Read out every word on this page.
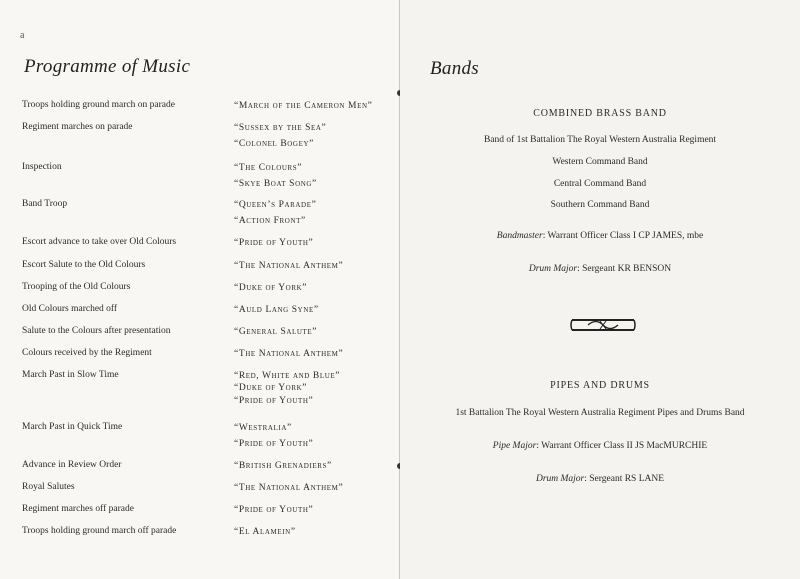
a
Programme of Music
Troops holding ground march on parade	“March of the Cameron Men”
Regiment marches on parade	“Sussex by the Sea”
“Colonel Bogey”
Inspection	“The Colours”
“Skye Boat Song”
Band Troop	“Queen’s Parade”
“Action Front”
Escort advance to take over Old Colours	“Pride of Youth”
Escort Salute to the Old Colours	“The National Anthem”
Trooping of the Old Colours	“Duke of York”
Old Colours marched off	“Auld Lang Syne”
Salute to the Colours after presentation	“General Salute”
Colours received by the Regiment	“The National Anthem”
March Past in Slow Time	“Red, White and Blue”
“Duke of York”
“Pride of Youth”
March Past in Quick Time	“Westralia”
“Pride of Youth”
Advance in Review Order	“British Grenadiers”
Royal Salutes	“The National Anthem”
Regiment marches off parade	“Pride of Youth”
Troops holding ground march off parade	“El Alamein”
Bands
COMBINED BRASS BAND
Band of 1st Battalion The Royal Western Australia Regiment
Western Command Band
Central Command Band
Southern Command Band
Bandmaster: Warrant Officer Class I CP JAMES, mbe
Drum Major: Sergeant KR BENSON
PIPES AND DRUMS
1st Battalion The Royal Western Australia Regiment Pipes and Drums Band
Pipe Major: Warrant Officer Class II JS MacMURCHIE
Drum Major: Sergeant RS LANE
